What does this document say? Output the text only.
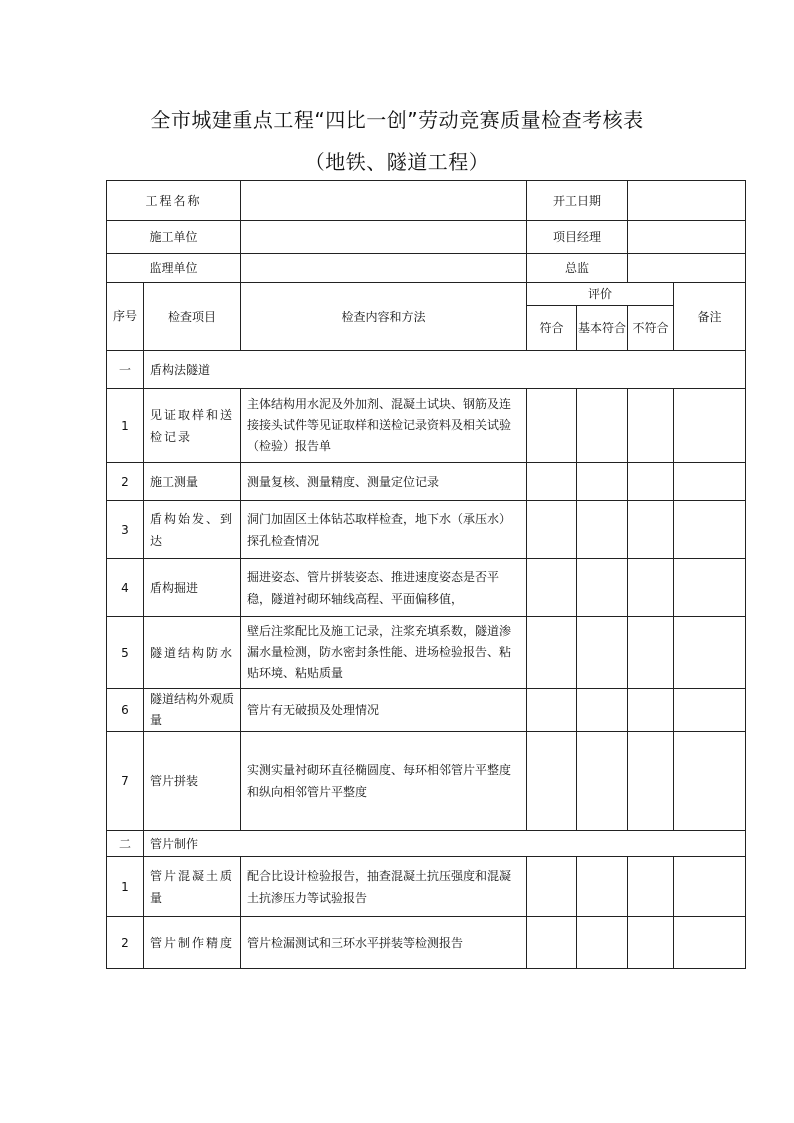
全市城建重点工程“四比一创”劳动竞赛质量检查考核表
（地铁、隧道工程）
工程名称			开工日期			
施工单位			项目经理			
监理单位			总监			
序号	检查项目	检查内容和方法	评价			备注
			符合	基本符合	不符合	
一	盾构法隧道					
1	见证取样和送检记录	主体结构用水泥及外加剂、混凝土试块、钢筋及连接接头试件等见证取样和送检记录资料及相关试验（检验）报告单				
2	施工测量	测量复核、测量精度、测量定位记录				
3	盾构始发、到达	洞门加固区土体钻芯取样检查，地下水（承压水）探孔检查情况				
4	盾构掘进	掘进姿态、管片拼装姿态、推进速度姿态是否平稳，隧道衬砌环轴线高程、平面偏移值，				
5	隧道结构防水	壁后注浆配比及施工记录，注浆充填系数，隧道渗漏水量检测，防水密封条性能、进场检验报告、粘贴环境、粘贴质量				
6	隧道结构外观质量	管片有无破损及处理情况				
7	管片拼装	实测实量衬砌环直径椭圆度、每环相邻管片平整度和纵向相邻管片平整度				
二	管片制作					
1	管片混凝土质量	配合比设计检验报告，抽查混凝土抗压强度和混凝土抗渗压力等试验报告				
2	管片制作精度	管片检漏测试和三环水平拼装等检测报告				
